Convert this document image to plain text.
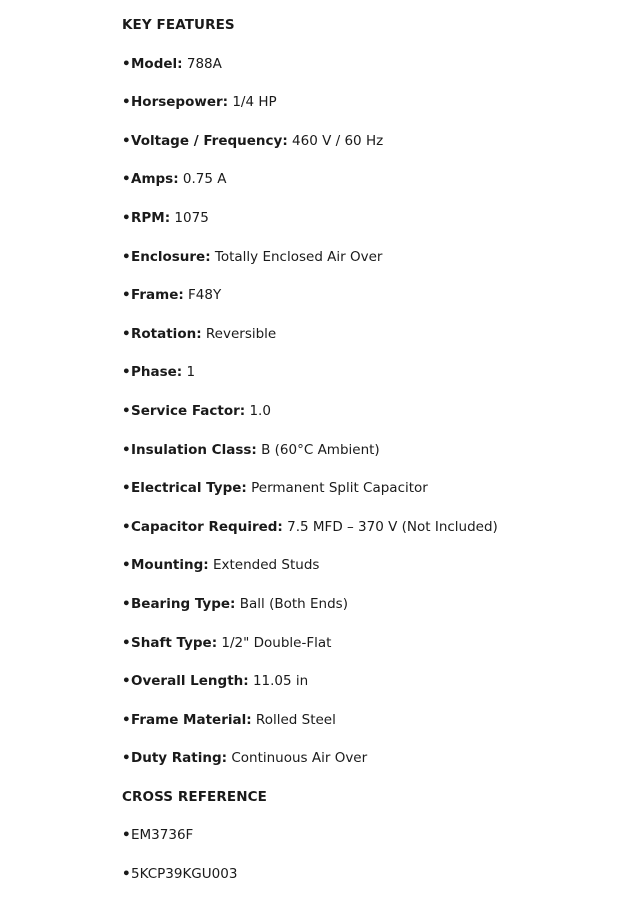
KEY FEATURES
•Model: 788A
•Horsepower: 1/4 HP
•Voltage / Frequency: 460 V / 60 Hz
•Amps: 0.75 A
•RPM: 1075
•Enclosure: Totally Enclosed Air Over
•Frame: F48Y
•Rotation: Reversible
•Phase: 1
•Service Factor: 1.0
•Insulation Class: B (60°C Ambient)
•Electrical Type: Permanent Split Capacitor
•Capacitor Required: 7.5 MFD – 370 V (Not Included)
•Mounting: Extended Studs
•Bearing Type: Ball (Both Ends)
•Shaft Type: 1/2" Double-Flat
•Overall Length: 11.05 in
•Frame Material: Rolled Steel
•Duty Rating: Continuous Air Over
CROSS REFERENCE
•EM3736F
•5KCP39KGU003
